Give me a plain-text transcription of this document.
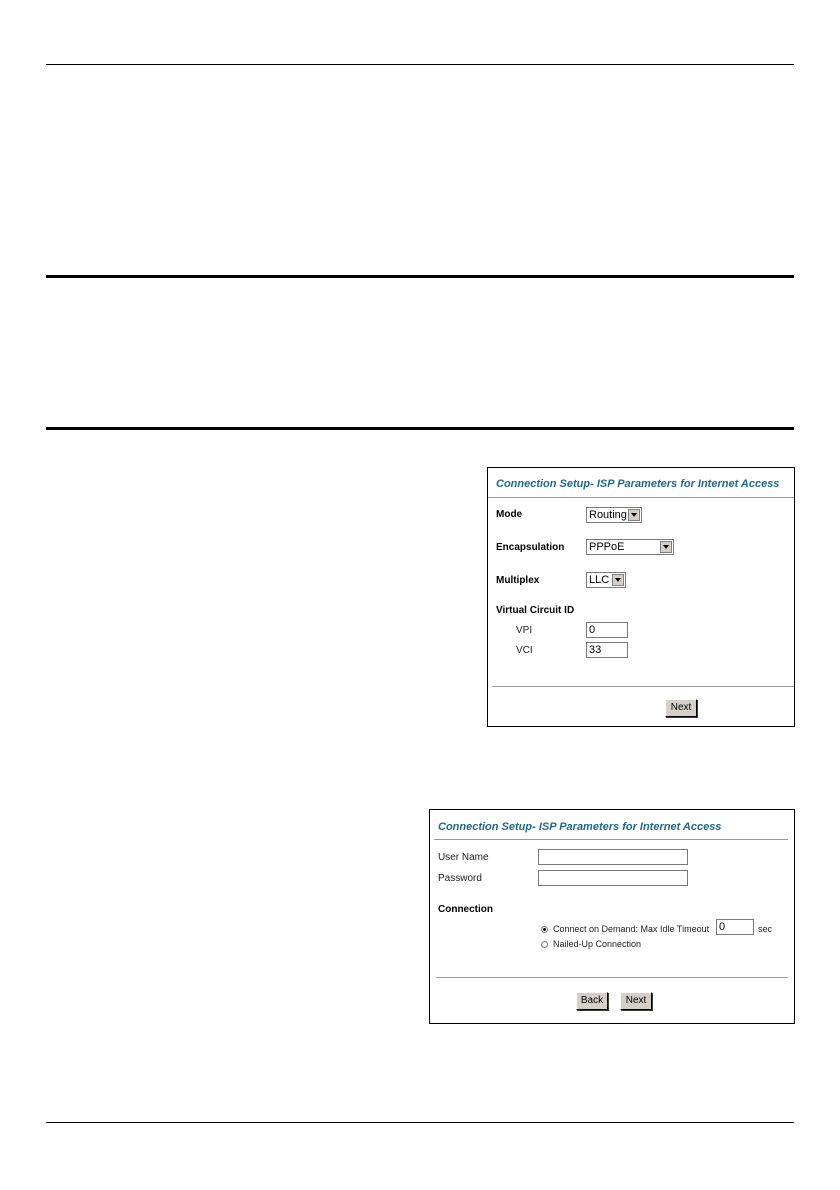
Connection Setup- ISP Parameters for Internet Access
Mode	Routing
Encapsulation PPPoE
Multiplex	LLC
Virtual Circuit ID
VPI	0
VCI	33
Next
Connection Setup- ISP Parameters for Internet Access
User Name
Password
Connection
Connect on Demand: Max Idle Timeout 0	sec
Nailed-Up Connection
Back	Next
